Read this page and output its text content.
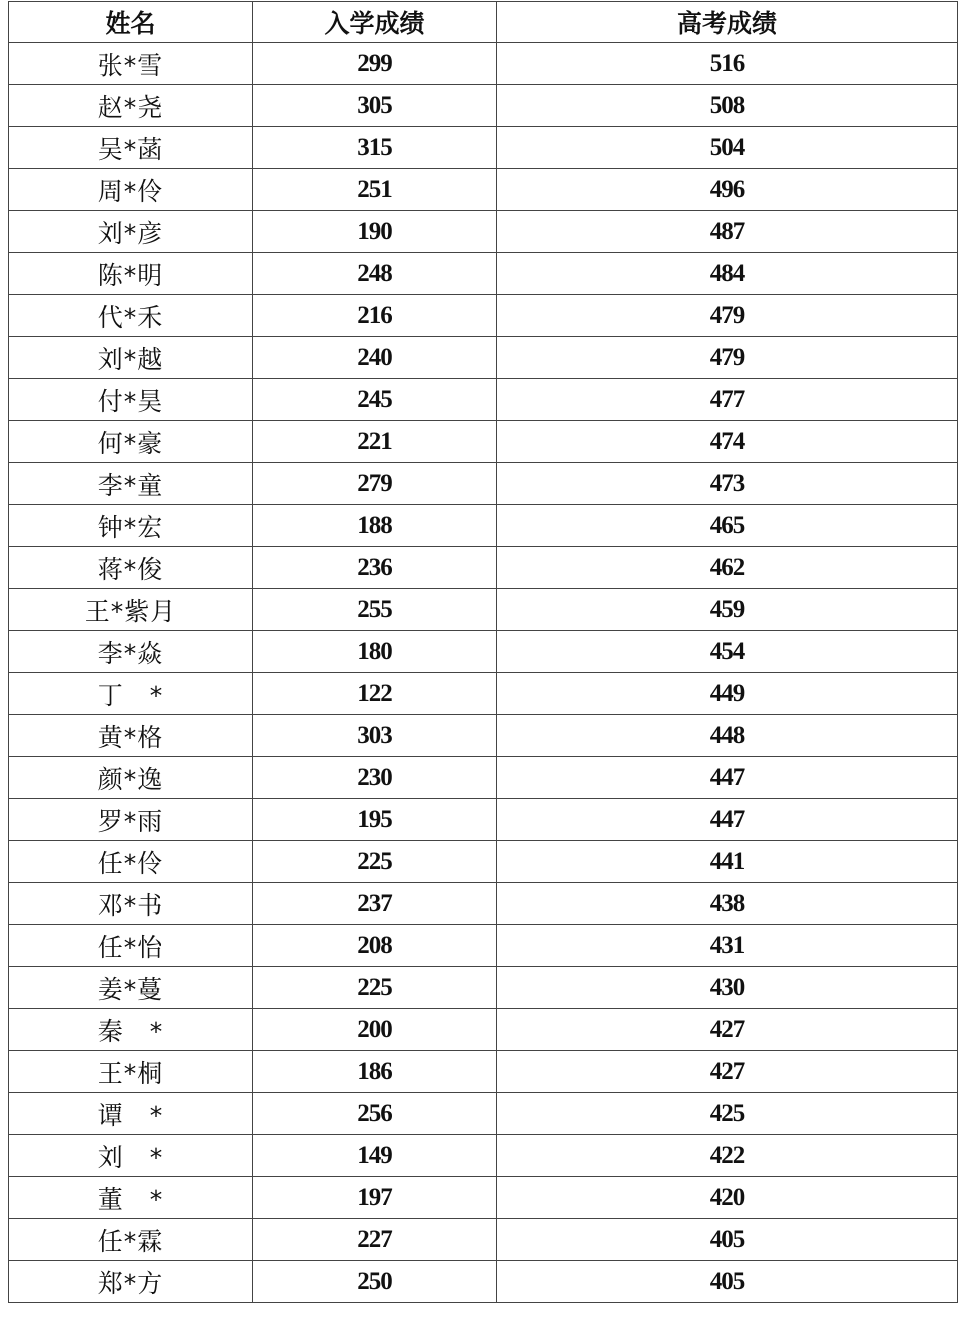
姓名	入学成绩	高考成绩
张*雪	299	516
赵*尧	305	508
吴*菡	315	504
周*伶	251	496
刘*彦	190	487
陈*明	248	484
代*禾	216	479
刘*越	240	479
付*昊	245	477
何*豪	221	474
李*童	279	473
钟*宏	188	465
蒋*俊	236	462
王*紫月	255	459
李*焱	180	454
丁　*	122	449
黄*格	303	448
颜*逸	230	447
罗*雨	195	447
任*伶	225	441
邓*书	237	438
任*怡	208	431
姜*蔓	225	430
秦　*	200	427
王*桐	186	427
谭　*	256	425
刘　*	149	422
董　*	197	420
任*霖	227	405
郑*方	250	405
